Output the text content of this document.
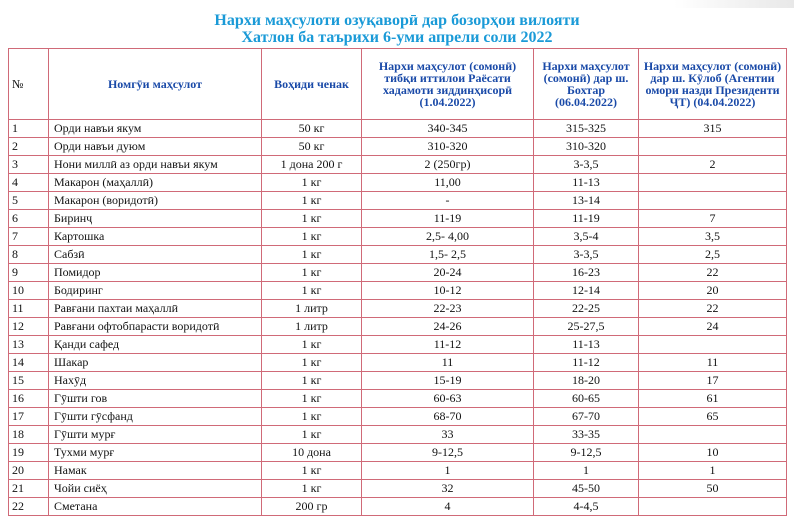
Нархи маҳсулоти озуқаворӣ дар бозорҳои вилояти
Хатлон ба таърихи 6-уми апрели соли 2022
№	Номгӯи маҳсулот	Воҳиди ченак	Нархи маҳсулот (сомонӣ) тибқи иттилои Раёсати хадамоти зиддинҳисорӣ (1.04.2022)	Нархи маҳсулот (сомонӣ) дар ш. Бохтар (06.04.2022)	Нархи маҳсулот (сомонӣ) дар ш. Кӯлоб (Агентии омори назди Президенти ҶТ) (04.04.2022)
1	Орди навъи якум	50 кг	340-345	315-325	315
2	Орди навъи дуюм	50 кг	310-320	310-320	
3	Нони миллӣ аз орди навъи якум	1 дона 200 г	2 (250гр)	3-3,5	2
4	Макарон (маҳаллӣ)	1 кг	11,00	11-13	
5	Макарон (воридотӣ)	1 кг	-	13-14	
6	Биринҷ	1 кг	11-19	11-19	7
7	Картошка	1 кг	2,5- 4,00	3,5-4	3,5
8	Сабзӣ	1 кг	1,5- 2,5	3-3,5	2,5
9	Помидор	1 кг	20-24	16-23	22
10	Бодиринг	1 кг	10-12	12-14	20
11	Равғани пахтаи маҳаллӣ	1 литр	22-23	22-25	22
12	Равғани офтобпарасти воридотӣ	1 литр	24-26	25-27,5	24
13	Қанди сафед	1 кг	11-12	11-13	
14	Шакар	1 кг	11	11-12	11
15	Нахӯд	1 кг	15-19	18-20	17
16	Гӯшти гов	1 кг	60-63	60-65	61
17	Гӯшти гӯсфанд	1 кг	68-70	67-70	65
18	Гӯшти мурғ	1 кг	33	33-35	
19	Тухми мурғ	10 дона	9-12,5	9-12,5	10
20	Намак	1 кг	1	1	1
21	Чойи сиёҳ	1 кг	32	45-50	50
22	Сметана	200 гр	4	4-4,5	
